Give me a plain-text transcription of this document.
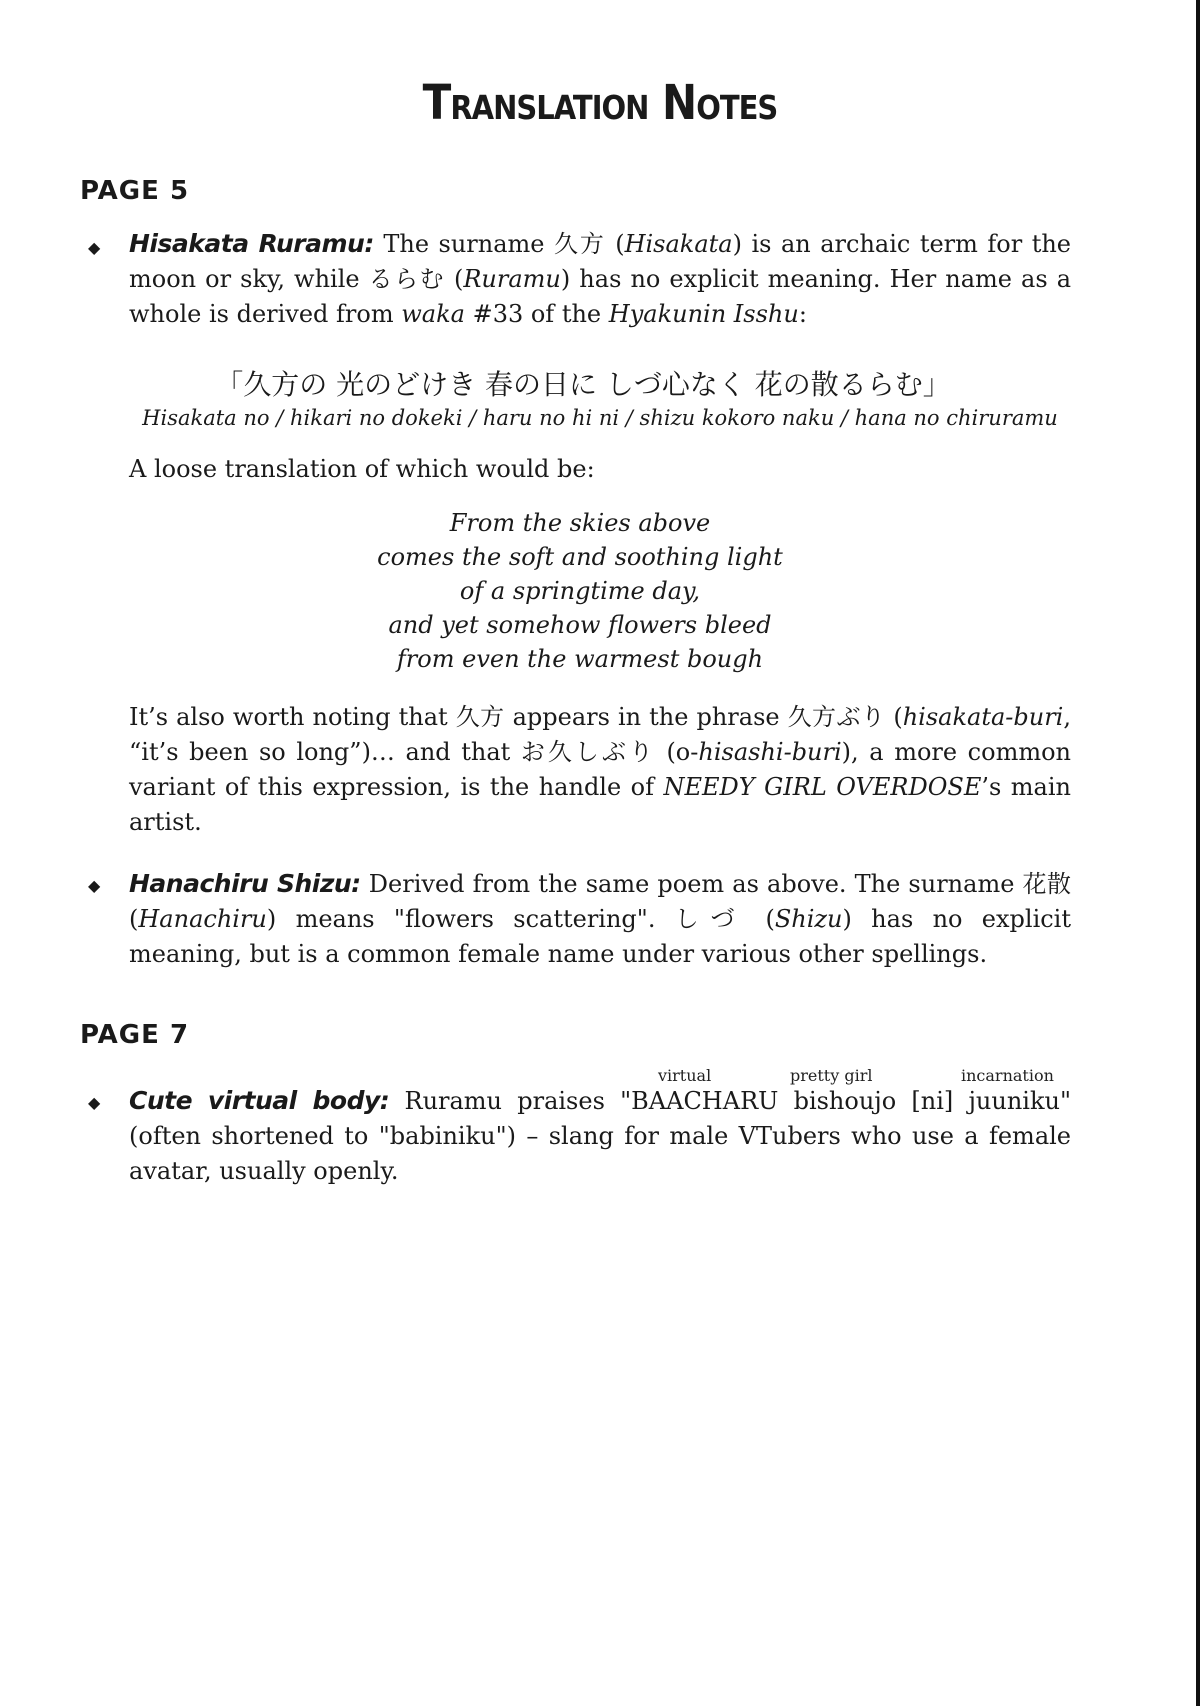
Translation Notes
PAGE 5
◆ Hisakata Ruramu: The surname 久方 (Hisakata) is an archaic term for the moon or sky, while るらむ (Ruramu) has no explicit meaning. Her name as a whole is derived from waka #33 of the Hyakunin Isshu:
「久方の 光のどけき 春の日に しづ心なく 花の散るらむ」
Hisakata no / hikari no dokeki / haru no hi ni / shizu kokoro naku / hana no chiruramu
A loose translation of which would be:
From the skies above
comes the soft and soothing light
of a springtime day,
and yet somehow flowers bleed
from even the warmest bough
It’s also worth noting that 久方 appears in the phrase 久方ぶり (hisakata-buri, “it’s been so long”)… and that お久しぶり (o-hisashi-buri), a more common variant of this expression, is the handle of NEEDY GIRL OVERDOSE’s main artist.
◆ Hanachiru Shizu: Derived from the same poem as above. The surname 花散 (Hanachiru) means "flowers scattering". しづ (Shizu) has no explicit meaning, but is a common female name under various other spellings.
PAGE 7
virtual	pretty girl	incarnation
◆ Cute virtual body: Ruramu praises "BAACHARU bishoujo [ni] juuniku" (often shortened to "babiniku") – slang for male VTubers who use a female avatar, usually openly.
